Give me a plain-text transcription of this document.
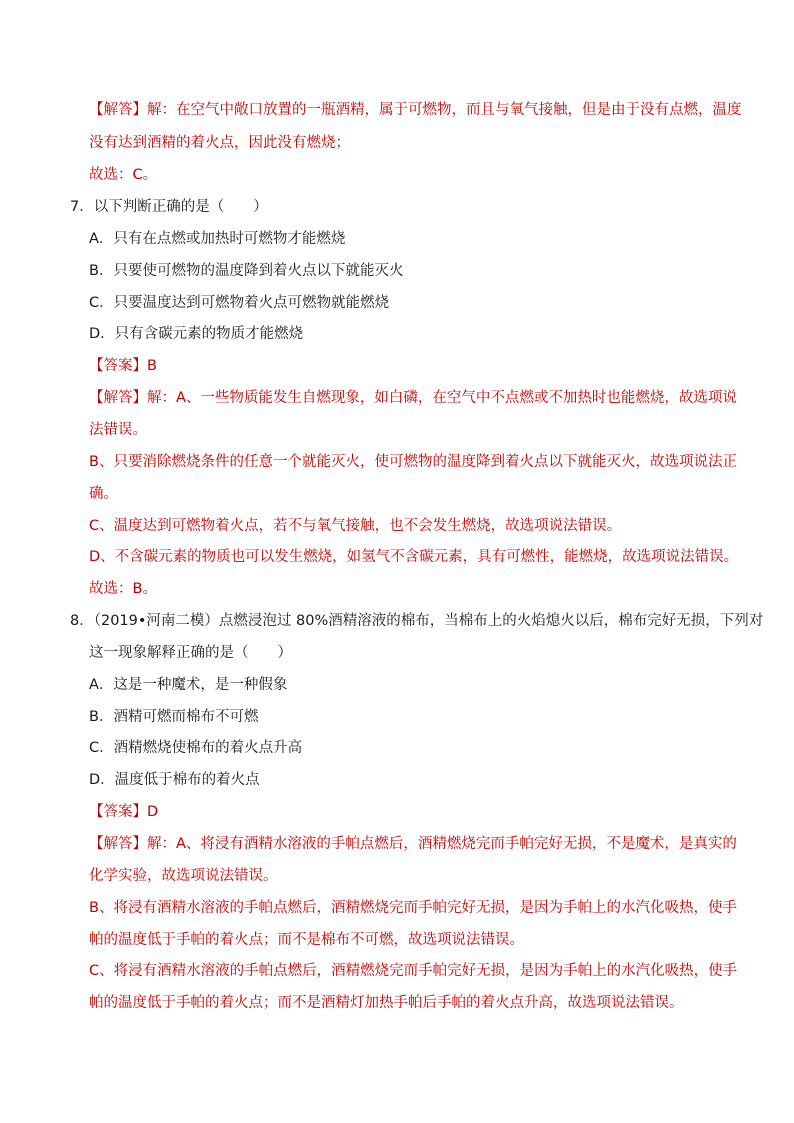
【解答】解：在空气中敞口放置的一瓶酒精，属于可燃物，而且与氧气接触，但是由于没有点燃，温度
没有达到酒精的着火点，因此没有燃烧；
故选：C。
7．以下判断正确的是（　　）
A．只有在点燃或加热时可燃物才能燃烧
B．只要使可燃物的温度降到着火点以下就能灭火
C．只要温度达到可燃物着火点可燃物就能燃烧
D．只有含碳元素的物质才能燃烧
【答案】B
【解答】解：A、一些物质能发生自燃现象，如白磷，在空气中不点燃或不加热时也能燃烧，故选项说
法错误。
B、只要消除燃烧条件的任意一个就能灭火，使可燃物的温度降到着火点以下就能灭火，故选项说法正
确。
C、温度达到可燃物着火点，若不与氧气接触，也不会发生燃烧，故选项说法错误。
D、不含碳元素的物质也可以发生燃烧，如氢气不含碳元素，具有可燃性，能燃烧，故选项说法错误。
故选：B。
8．（2019•河南二模）点燃浸泡过 80%酒精溶液的棉布，当棉布上的火焰熄火以后，棉布完好无损，下列对
这一现象解释正确的是（　　）
A．这是一种魔术，是一种假象
B．酒精可燃而棉布不可燃
C．酒精燃烧使棉布的着火点升高
D．温度低于棉布的着火点
【答案】D
【解答】解：A、将浸有酒精水溶液的手帕点燃后，酒精燃烧完而手帕完好无损，不是魔术，是真实的
化学实验，故选项说法错误。
B、将浸有酒精水溶液的手帕点燃后，酒精燃烧完而手帕完好无损，是因为手帕上的水汽化吸热，使手
帕的温度低于手帕的着火点；而不是棉布不可燃，故选项说法错误。
C、将浸有酒精水溶液的手帕点燃后，酒精燃烧完而手帕完好无损，是因为手帕上的水汽化吸热，使手
帕的温度低于手帕的着火点；而不是酒精灯加热手帕后手帕的着火点升高，故选项说法错误。
